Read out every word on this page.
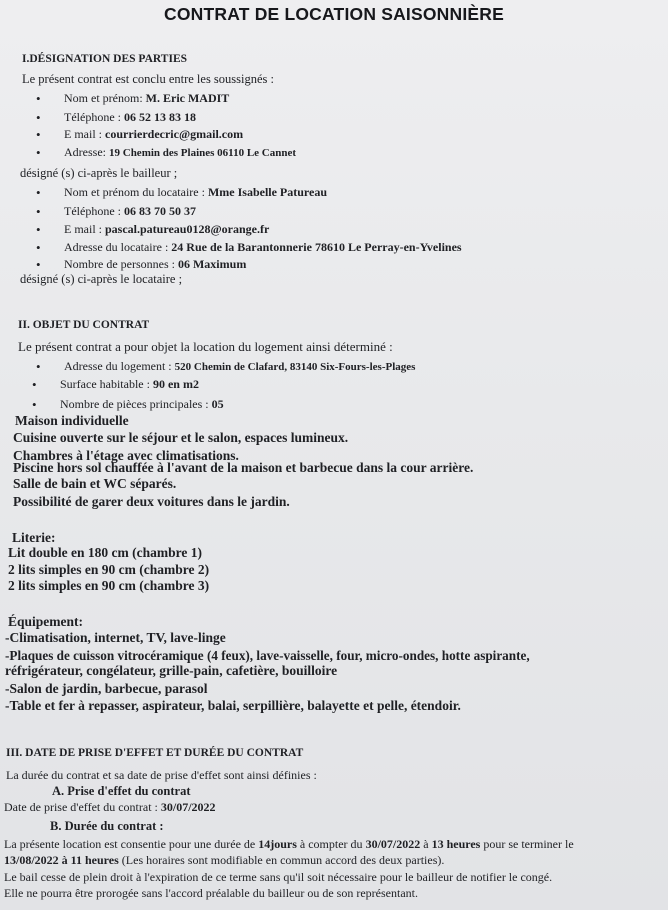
CONTRAT DE LOCATION SAISONNIÈRE
I.DÉSIGNATION DES PARTIES
Le présent contrat est conclu entre les soussignés :
• Nom et prénom: M. Eric MADIT
• Téléphone : 06 52 13 83 18
• E mail : courrierdecric@gmail.com
• Adresse: 19 Chemin des Plaines 06110 Le Cannet
désigné (s) ci-après le bailleur ;
• Nom et prénom du locataire : Mme Isabelle Patureau
• Téléphone : 06 83 70 50 37
• E mail : pascal.patureau0128@orange.fr
• Adresse du locataire : 24 Rue de la Barantonnerie 78610 Le Perray-en-Yvelines
• Nombre de personnes : 06 Maximum
désigné (s) ci-après le locataire ;
II. OBJET DU CONTRAT
Le présent contrat a pour objet la location du logement ainsi déterminé :
• Adresse du logement : 520 Chemin de Clafard, 83140 Six-Fours-les-Plages
• Surface habitable : 90 en m2
• Nombre de pièces principales : 05
Maison individuelle
Cuisine ouverte sur le séjour et le salon, espaces lumineux.
Chambres à l'étage avec climatisations.
Piscine hors sol chauffée à l'avant de la maison et barbecue dans la cour arrière.
Salle de bain et WC séparés.
Possibilité de garer deux voitures dans le jardin.
Literie:
Lit double en 180 cm (chambre 1)
2 lits simples en 90 cm (chambre 2)
2 lits simples en 90 cm (chambre 3)
Équipement:
-Climatisation, internet, TV, lave-linge
-Plaques de cuisson vitrocéramique (4 feux), lave-vaisselle, four, micro-ondes, hotte aspirante,
réfrigérateur, congélateur, grille-pain, cafetière, bouilloire
-Salon de jardin, barbecue, parasol
-Table et fer à repasser, aspirateur, balai, serpillière, balayette et pelle, étendoir.
III. DATE DE PRISE D'EFFET ET DURÉE DU CONTRAT
La durée du contrat et sa date de prise d'effet sont ainsi définies :
A. Prise d'effet du contrat
Date de prise d'effet du contrat : 30/07/2022
B. Durée du contrat :
La présente location est consentie pour une durée de 14jours à compter du 30/07/2022 à 13 heures pour se terminer le
13/08/2022 à 11 heures (Les horaires sont modifiable en commun accord des deux parties).
Le bail cesse de plein droit à l'expiration de ce terme sans qu'il soit nécessaire pour le bailleur de notifier le congé.
Elle ne pourra être prorogée sans l'accord préalable du bailleur ou de son représentant.
